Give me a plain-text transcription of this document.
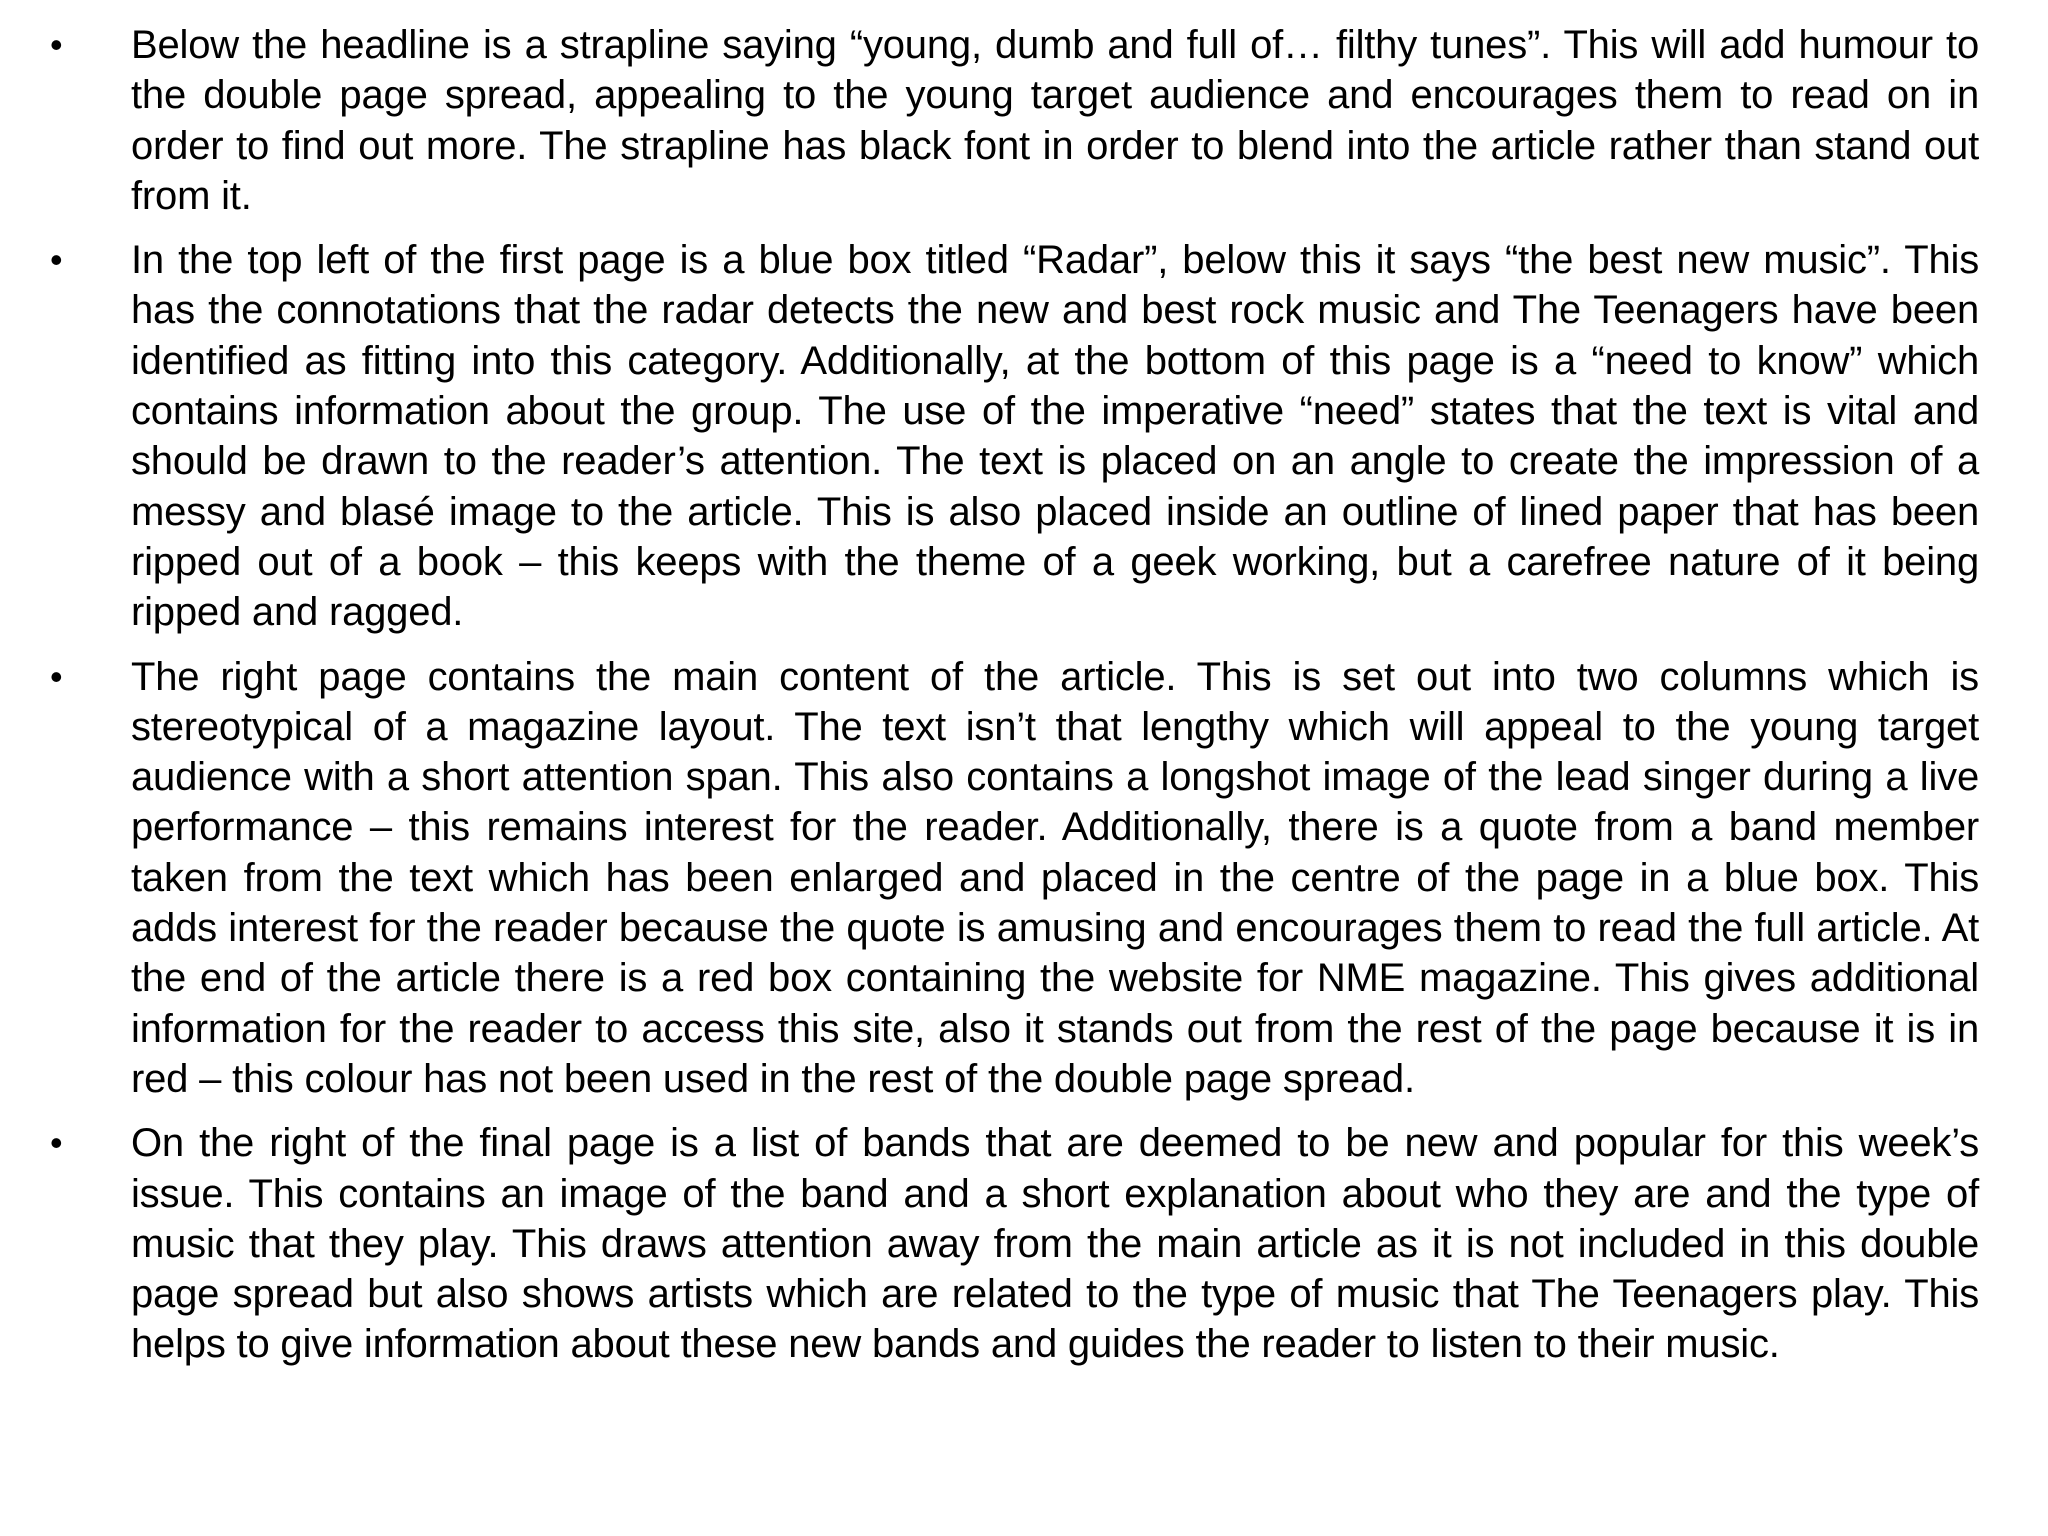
• Below the headline is a strapline saying “young, dumb and full of… filthy tunes”. This will add humour to the double page spread, appealing to the young target audience and encourages them to read on in order to find out more. The strapline has black font in order to blend into the article rather than stand out from it.
• In the top left of the first page is a blue box titled “Radar”, below this it says “the best new music”. This has the connotations that the radar detects the new and best rock music and The Teenagers have been identified as fitting into this category. Additionally, at the bottom of this page is a “need to know” which contains information about the group. The use of the imperative “need” states that the text is vital and should be drawn to the reader’s attention. The text is placed on an angle to create the impression of a messy and blasé image to the article. This is also placed inside an outline of lined paper that has been ripped out of a book – this keeps with the theme of a geek working, but a carefree nature of it being ripped and ragged.
• The right page contains the main content of the article. This is set out into two columns which is stereotypical of a magazine layout. The text isn’t that lengthy which will appeal to the young target audience with a short attention span. This also contains a longshot image of the lead singer during a live performance – this remains interest for the reader. Additionally, there is a quote from a band member taken from the text which has been enlarged and placed in the centre of the page in a blue box. This adds interest for the reader because the quote is amusing and encourages them to read the full article. At the end of the article there is a red box containing the website for NME magazine. This gives additional information for the reader to access this site, also it stands out from the rest of the page because it is in red – this colour has not been used in the rest of the double page spread.
• On the right of the final page is a list of bands that are deemed to be new and popular for this week’s issue. This contains an image of the band and a short explanation about who they are and the type of music that they play. This draws attention away from the main article as it is not included in this double page spread but also shows artists which are related to the type of music that The Teenagers play. This helps to give information about these new bands and guides the reader to listen to their music.
